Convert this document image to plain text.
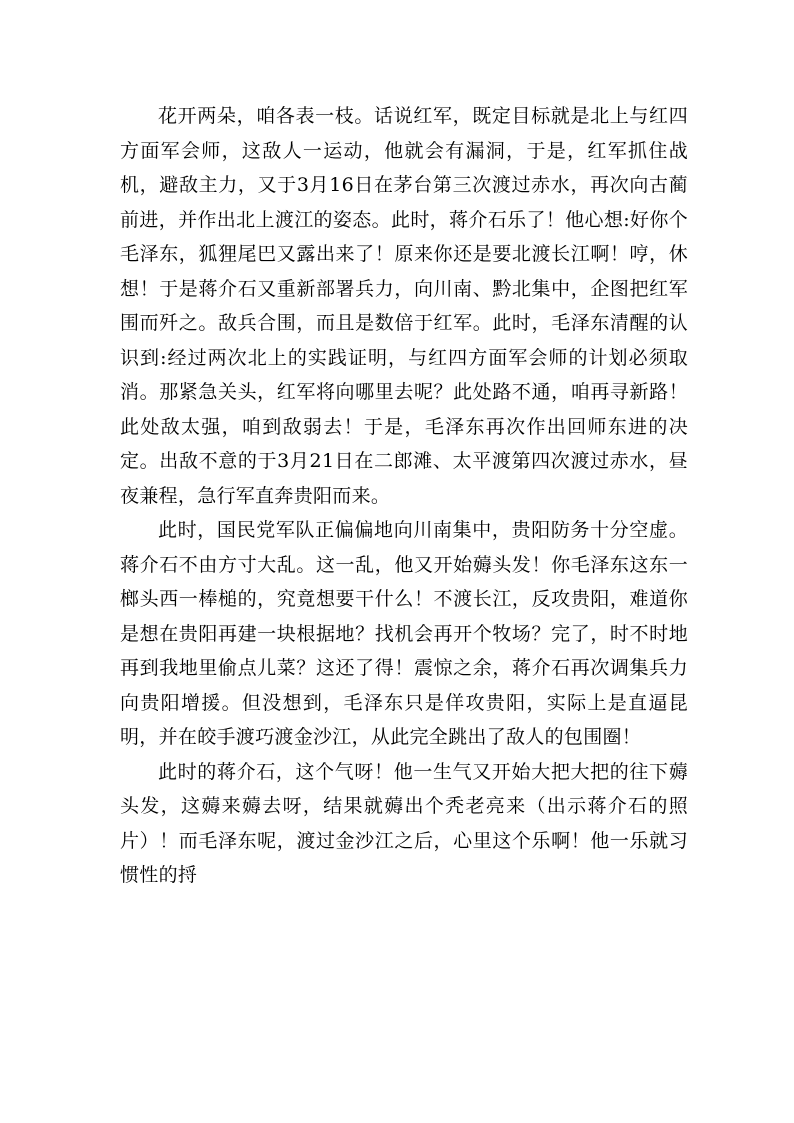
花开两朵，咱各表一枝。话说红军，既定目标就是北上与红四方面军会师，这敌人一运动，他就会有漏洞，于是，红军抓住战机，避敌主力，又于3月16日在茅台第三次渡过赤水，再次向古蔺前进，并作出北上渡江的姿态。此时，蒋介石乐了！他心想:好你个毛泽东，狐狸尾巴又露出来了！原来你还是要北渡长江啊！哼，休想！于是蒋介石又重新部署兵力，向川南、黔北集中，企图把红军围而歼之。敌兵合围，而且是数倍于红军。此时，毛泽东清醒的认识到:经过两次北上的实践证明，与红四方面军会师的计划必须取消。那紧急关头，红军将向哪里去呢？此处路不通，咱再寻新路！此处敌太强，咱到敌弱去！于是，毛泽东再次作出回师东进的决定。出敌不意的于3月21日在二郎滩、太平渡第四次渡过赤水，昼夜兼程，急行军直奔贵阳而来。

此时，国民党军队正偏偏地向川南集中，贵阳防务十分空虚。蒋介石不由方寸大乱。这一乱，他又开始薅头发！你毛泽东这东一榔头西一棒槌的，究竟想要干什么！不渡长江，反攻贵阳，难道你是想在贵阳再建一块根据地？找机会再开个牧场？完了，时不时地再到我地里偷点儿菜？这还了得！震惊之余，蒋介石再次调集兵力向贵阳增援。但没想到，毛泽东只是佯攻贵阳，实际上是直逼昆明，并在皎手渡巧渡金沙江，从此完全跳出了敌人的包围圈！

此时的蒋介石，这个气呀！他一生气又开始大把大把的往下薅头发，这薅来薅去呀，结果就薅出个秃老亮来（出示蒋介石的照片）！而毛泽东呢，渡过金沙江之后，心里这个乐啊！他一乐就习惯性的捋
